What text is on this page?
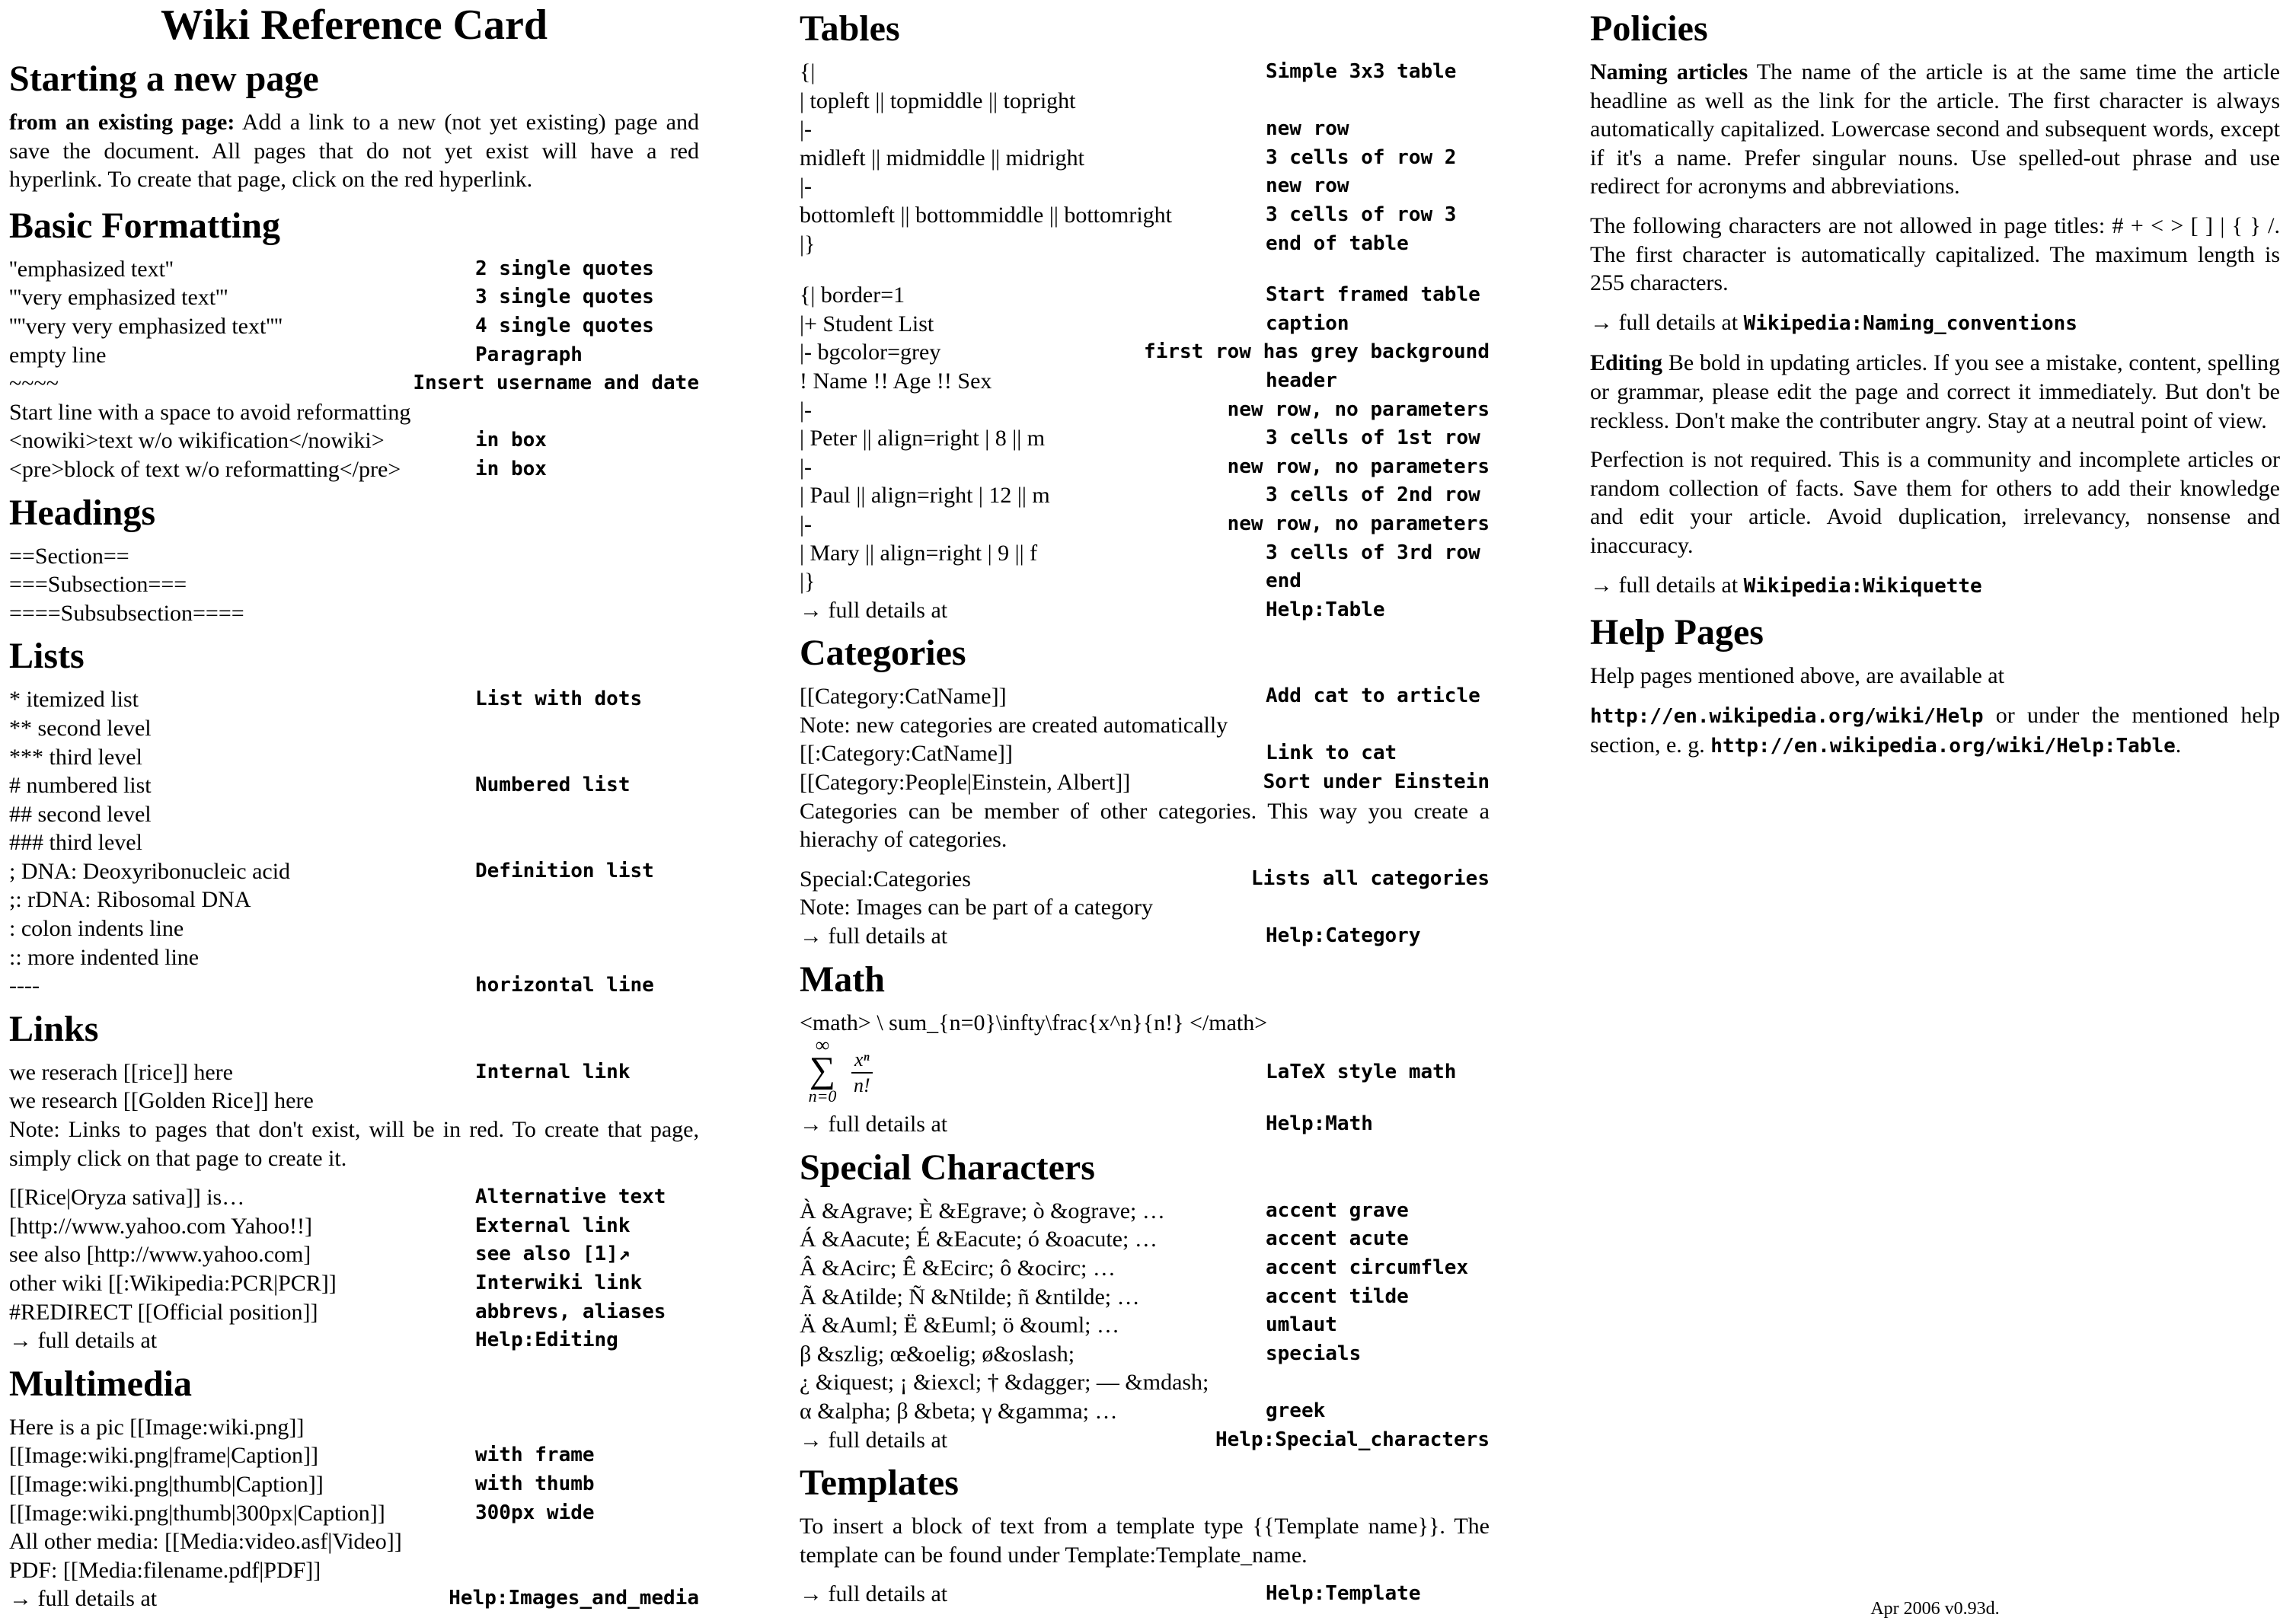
Wiki Reference Card
Starting a new page
from an existing page: Add a link to a new (not yet existing) page and save the document. All pages that do not yet exist will have a red hyperlink. To create that page, click on the red hyperlink.
Basic Formatting
''emphasized text''	2 single quotes
'''very emphasized text'''	3 single quotes
''''very very emphasized text''''	4 single quotes
empty line	Paragraph
~~~~	Insert username and date
Start line with a space to avoid reformatting
<nowiki>text w/o wikification</nowiki>	in box
<pre>block of text w/o reformatting</pre>	in box
Headings
==Section==
===Subsection===
====Subsubsection====
Lists
* itemized list	List with dots
** second level
*** third level
# numbered list	Numbered list
## second level
### third level
; DNA: Deoxyribonucleic acid	Definition list
;: rDNA: Ribosomal DNA
: colon indents line
:: more indented line
----	horizontal line
Links
we reserach [[rice]] here	Internal link
we research [[Golden Rice]] here
Note: Links to pages that don't exist, will be in red. To create that page, simply click on that page to create it.
[[Rice|Oryza sativa]] is…	Alternative text
[http://www.yahoo.com Yahoo!!]	External link
see also [http://www.yahoo.com]	see also [1]↗
other wiki [[:Wikipedia:PCR|PCR]]	Interwiki link
#REDIRECT [[Official position]]	abbrevs, aliases
→ full details at	Help:Editing
Multimedia
Here is a pic [[Image:wiki.png]]
[[Image:wiki.png|frame|Caption]]	with frame
[[Image:wiki.png|thumb|Caption]]	with thumb
[[Image:wiki.png|thumb|300px|Caption]]	300px wide
All other media: [[Media:video.asf|Video]]
PDF: [[Media:filename.pdf|PDF]]
→ full details at	Help:Images_and_media
Tables
{|	Simple 3x3 table
| topleft || topmiddle || topright
|-	new row
midleft || midmiddle || midright	3 cells of row 2
|-	new row
bottomleft || bottommiddle || bottomright	3 cells of row 3
|}	end of table
{| border=1	Start framed table
|+ Student List	caption
|- bgcolor=grey	first row has grey background
! Name !! Age !! Sex	header
|-	new row, no parameters
| Peter || align=right | 8 || m	3 cells of 1st row
|-	new row, no parameters
| Paul || align=right | 12 || m	3 cells of 2nd row
|-	new row, no parameters
| Mary || align=right | 9 || f	3 cells of 3rd row
|}	end
→ full details at	Help:Table
Categories
[[Category:CatName]]	Add cat to article
Note: new categories are created automatically
[[:Category:CatName]]	Link to cat
[[Category:People|Einstein, Albert]]	Sort under Einstein
Categories can be member of other categories. This way you create a hierachy of categories.
Special:Categories	Lists all categories
Note: Images can be part of a category
→ full details at	Help:Category
Math
<math> \ sum_{n=0}\infty\frac{x^n}{n!} </math>
∞
∑
$n=0 \frac{\text{xⁿ}}{n!}$	LaTeX style math
→ full details at	Help:Math
Special Characters
À &Agrave; È &Egrave; ò &ograve; …	accent grave
Á &Aacute; É &Eacute; ó &oacute; …	accent acute
Â &Acirc; Ê &Ecirc; ô &ocirc; …	accent circumflex
Ã &Atilde; Ñ &Ntilde; ñ &ntilde; …	accent tilde
Ä &Auml; Ë &Euml; ö &ouml; …	umlaut
β &szlig; œ&oelig; ø&oslash;	specials
¿ &iquest; ¡ &iexcl; † &dagger; — &mdash;
α &alpha; β &beta; γ &gamma; …	greek
→ full details at	Help:Special_characters
Templates
To insert a block of text from a template type {{Template name}}. The template can be found under Template:Template_name.
→ full details at	Help:Template
Policies
Naming articles The name of the article is at the same time the article headline as well as the link for the article. The first character is always automatically capitalized. Lowercase second and subsequent words, except if it's a name. Prefer singular nouns. Use spelled-out phrase and use redirect for acronyms and abbreviations.
The following characters are not allowed in page titles: # + < > [ ] | { } /. The first character is automatically capitalized. The maximum length is 255 characters.
→ full details at Wikipedia:Naming_conventions
Editing Be bold in updating articles. If you see a mistake, content, spelling or grammar, please edit the page and correct it immediately. But don't be reckless. Don't make the contributer angry. Stay at a neutral point of view.
Perfection is not required. This is a community and incomplete articles or random collection of facts. Save them for others to add their knowledge and edit your article. Avoid duplication, irrelevancy, nonsense and inaccuracy.
→ full details at Wikipedia:Wikiquette
Help Pages
Help pages mentioned above, are available at
http://en.wikipedia.org/wiki/Help or under the mentioned help section, e. g. http://en.wikipedia.org/wiki/Help:Table.
Apr 2006 v0.93d.
